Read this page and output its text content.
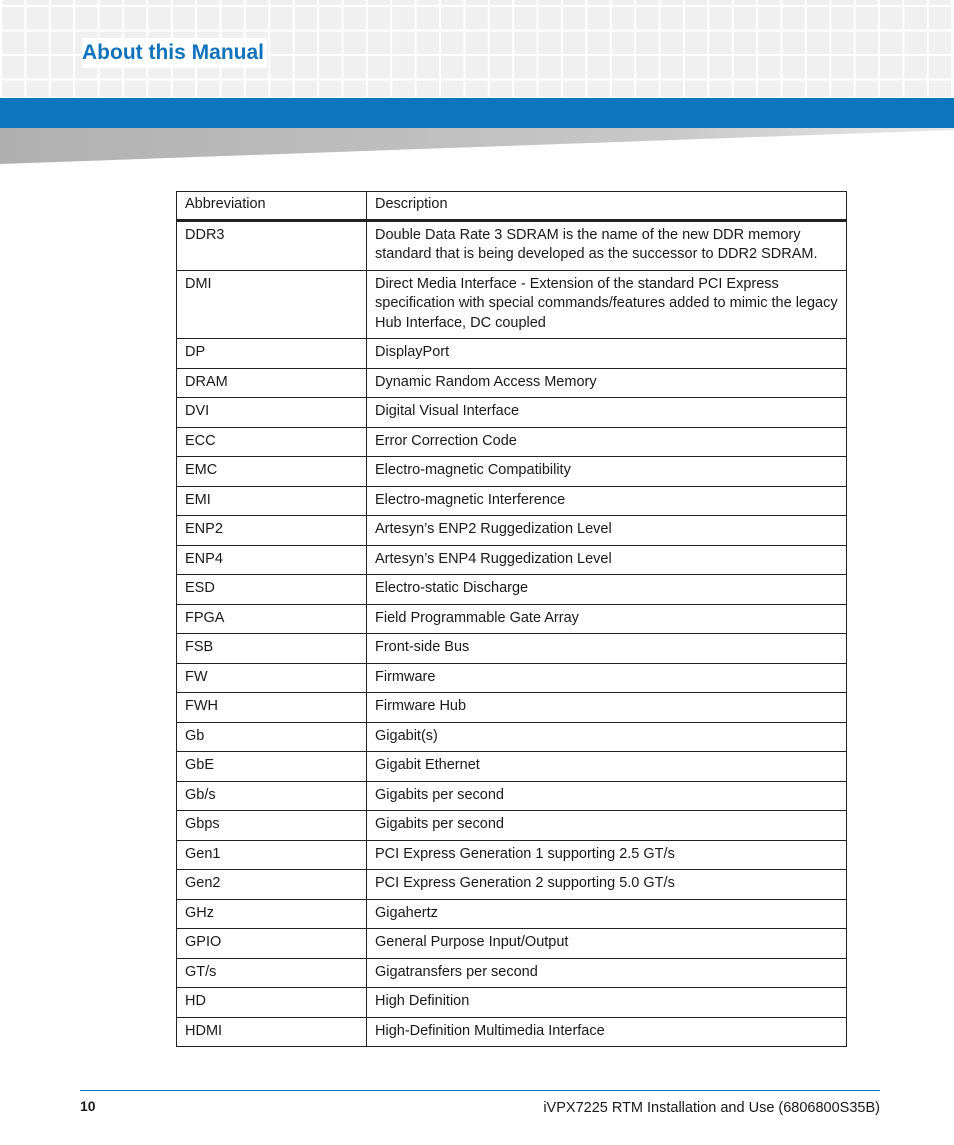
About this Manual
Abbreviation	Description
DDR3	Double Data Rate 3 SDRAM is the name of the new DDR memory standard that is being developed as the successor to DDR2 SDRAM.
DMI	Direct Media Interface - Extension of the standard PCI Express specification with special commands/features added to mimic the legacy Hub Interface, DC coupled
DP	DisplayPort
DRAM	Dynamic Random Access Memory
DVI	Digital Visual Interface
ECC	Error Correction Code
EMC	Electro-magnetic Compatibility
EMI	Electro-magnetic Interference
ENP2	Artesyn’s ENP2 Ruggedization Level
ENP4	Artesyn’s ENP4 Ruggedization Level
ESD	Electro-static Discharge
FPGA	Field Programmable Gate Array
FSB	Front-side Bus
FW	Firmware
FWH	Firmware Hub
Gb	Gigabit(s)
GbE	Gigabit Ethernet
Gb/s	Gigabits per second
Gbps	Gigabits per second
Gen1	PCI Express Generation 1 supporting 2.5 GT/s
Gen2	PCI Express Generation 2 supporting 5.0 GT/s
GHz	Gigahertz
GPIO	General Purpose Input/Output
GT/s	Gigatransfers per second
HD	High Definition
HDMI	High-Definition Multimedia Interface
10	iVPX7225 RTM Installation and Use (6806800S35B)
